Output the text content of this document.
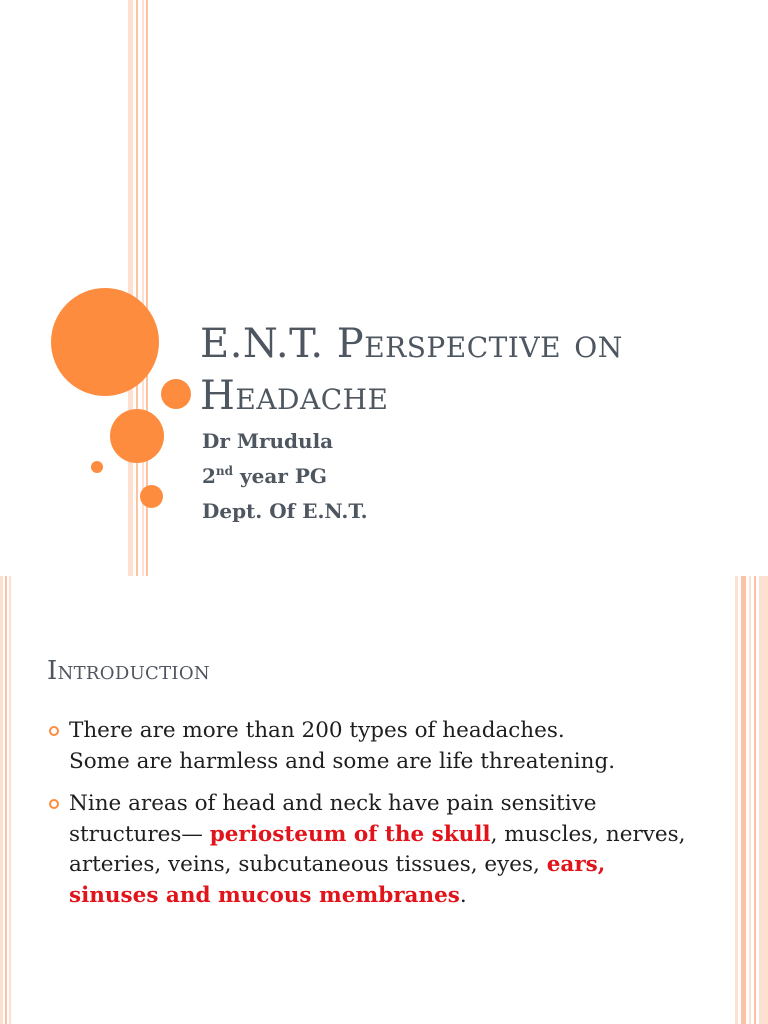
E.N.T. Perspective on
Headache
Dr Mrudula
2nd year PG
Dept. Of E.N.T.
Introduction
There are more than 200 types of headaches.
Some are harmless and some are life threatening.
Nine areas of head and neck have pain sensitive structures— periosteum of the skull, muscles, nerves, arteries, veins, subcutaneous tissues, eyes, ears, sinuses and mucous membranes.
